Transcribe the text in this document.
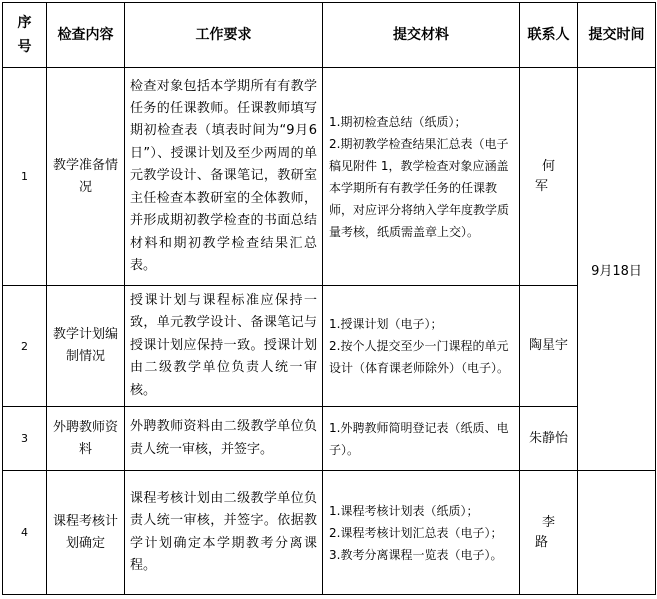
序号	检查内容	工作要求	提交材料	联系人	提交时间
1	教学准备情况	检查对象包括本学期所有有教学任务的任课教师。任课教师填写期初检查表（填表时间为“9月6日”）、授课计划及至少两周的单元教学设计、备课笔记，教研室主任检查本教研室的全体教师，并形成期初教学检查的书面总结材料和期初教学检查结果汇总表。	1.期初检查总结（纸质）；
2.期初教学检查结果汇总表（电子稿见附件 1，教学检查对象应涵盖本学期所有有教学任务的任课教师，对应评分将纳入学年度教学质量考核，纸质需盖章上交）。	何军	9月18日
2	教学计划编制情况	授课计划与课程标准应保持一致，单元教学设计、备课笔记与授课计划应保持一致。授课计划由二级教学单位负责人统一审核。	1.授课计划（电子）；
2.按个人提交至少一门课程的单元设计（体育课老师除外）（电子）。	陶星宇	
3	外聘教师资料	外聘教师资料由二级教学单位负责人统一审核，并签字。	1.外聘教师简明登记表（纸质、电子）。	朱静怡	
4	课程考核计划确定	课程考核计划由二级教学单位负责人统一审核，并签字。依据教学计划确定本学期教考分离课程。	1.课程考核计划表（纸质）；
2.课程考核计划汇总表（电子）；
3.教考分离课程一览表（电子）。	李路	
